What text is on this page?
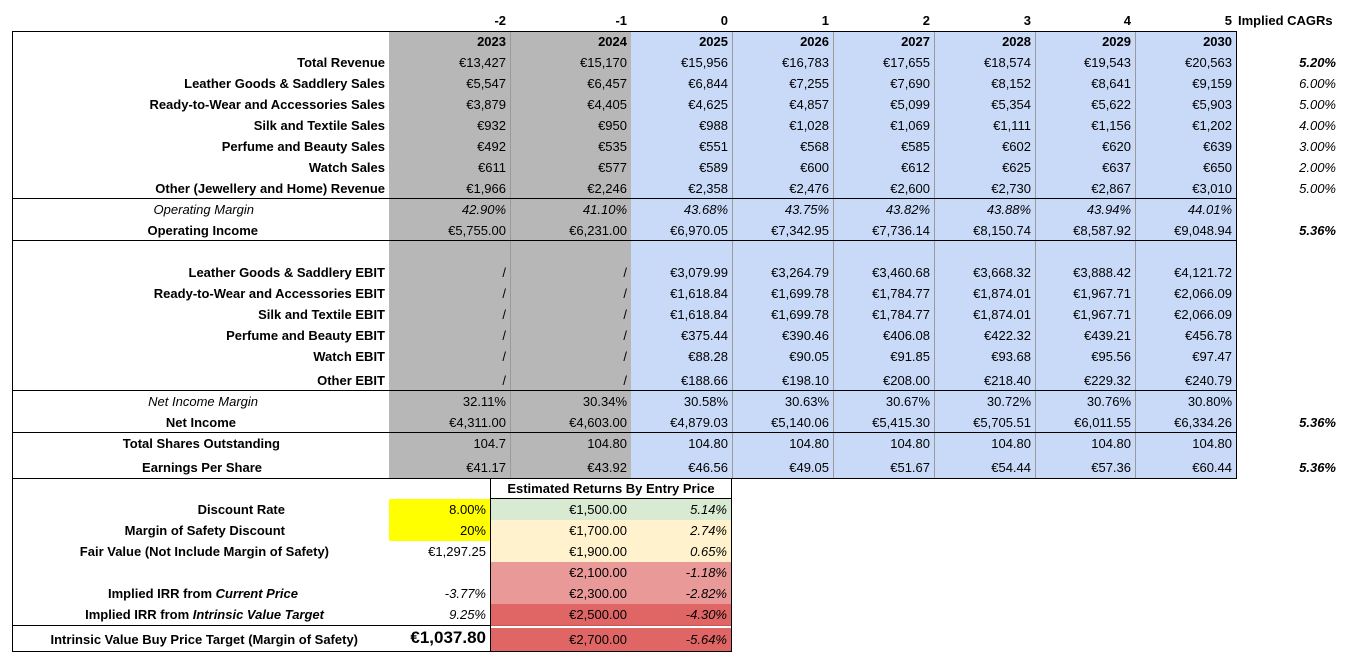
Implied CAGRs
Estimated Returns By Entry Price
Discount Rate	8.00%
Margin of Safety Discount	20%
Fair Value (Not Include Margin of Safety)	€1,297.25
Implied IRR from Current Price	-3.77%
Implied IRR from Intrinsic Value Target	9.25%
Intrinsic Value Buy Price Target (Margin of Safety)	€1,037.80
-2	-1	0	1	2	3	4	5
2023	2024	2025	2026	2027	2028	2029	2030
Total Revenue	€13,427	€15,170	€15,956	€16,783	€17,655	€18,574	€19,543	€20,563	5.20%
Leather Goods & Saddlery Sales	€5,547	€6,457	€6,844	€7,255	€7,690	€8,152	€8,641	€9,159	6.00%
Ready-to-Wear and Accessories Sales	€3,879	€4,405	€4,625	€4,857	€5,099	€5,354	€5,622	€5,903	5.00%
Silk and Textile Sales	€932	€950	€988	€1,028	€1,069	€1,111	€1,156	€1,202	4.00%
Perfume and Beauty Sales	€492	€535	€551	€568	€585	€602	€620	€639	3.00%
Watch Sales	€611	€577	€589	€600	€612	€625	€637	€650	2.00%
Other (Jewellery and Home) Revenue	€1,966	€2,246	€2,358	€2,476	€2,600	€2,730	€2,867	€3,010	5.00%
Operating Margin	42.90%	41.10%	43.68%	43.75%	43.82%	43.88%	43.94%	44.01%
Operating Income	€5,755.00	€6,231.00	€6,970.05	€7,342.95	€7,736.14	€8,150.74	€8,587.92	€9,048.94	5.36%
Leather Goods & Saddlery EBIT	/	/	€3,079.99	€3,264.79	€3,460.68	€3,668.32	€3,888.42	€4,121.72
Ready-to-Wear and Accessories EBIT	/	/	€1,618.84	€1,699.78	€1,784.77	€1,874.01	€1,967.71	€2,066.09
Silk and Textile EBIT	/	/	€1,618.84	€1,699.78	€1,784.77	€1,874.01	€1,967.71	€2,066.09
Perfume and Beauty EBIT	/	/	€375.44	€390.46	€406.08	€422.32	€439.21	€456.78
Watch EBIT	/	/	€88.28	€90.05	€91.85	€93.68	€95.56	€97.47
Other EBIT	/	/	€188.66	€198.10	€208.00	€218.40	€229.32	€240.79
Net Income Margin	32.11%	30.34%	30.58%	30.63%	30.67%	30.72%	30.76%	30.80%
Net Income	€4,311.00	€4,603.00	€4,879.03	€5,140.06	€5,415.30	€5,705.51	€6,011.55	€6,334.26	5.36%
Total Shares Outstanding	104.7	104.80	104.80	104.80	104.80	104.80	104.80	104.80
Earnings Per Share	€41.17	€43.92	€46.56	€49.05	€51.67	€54.44	€57.36	€60.44	5.36%
€1,500.00	5.14%
€1,700.00	2.74%
€1,900.00	0.65%
€2,100.00	-1.18%
€2,300.00	-2.82%
€2,500.00	-4.30%
€2,700.00	-5.64%
